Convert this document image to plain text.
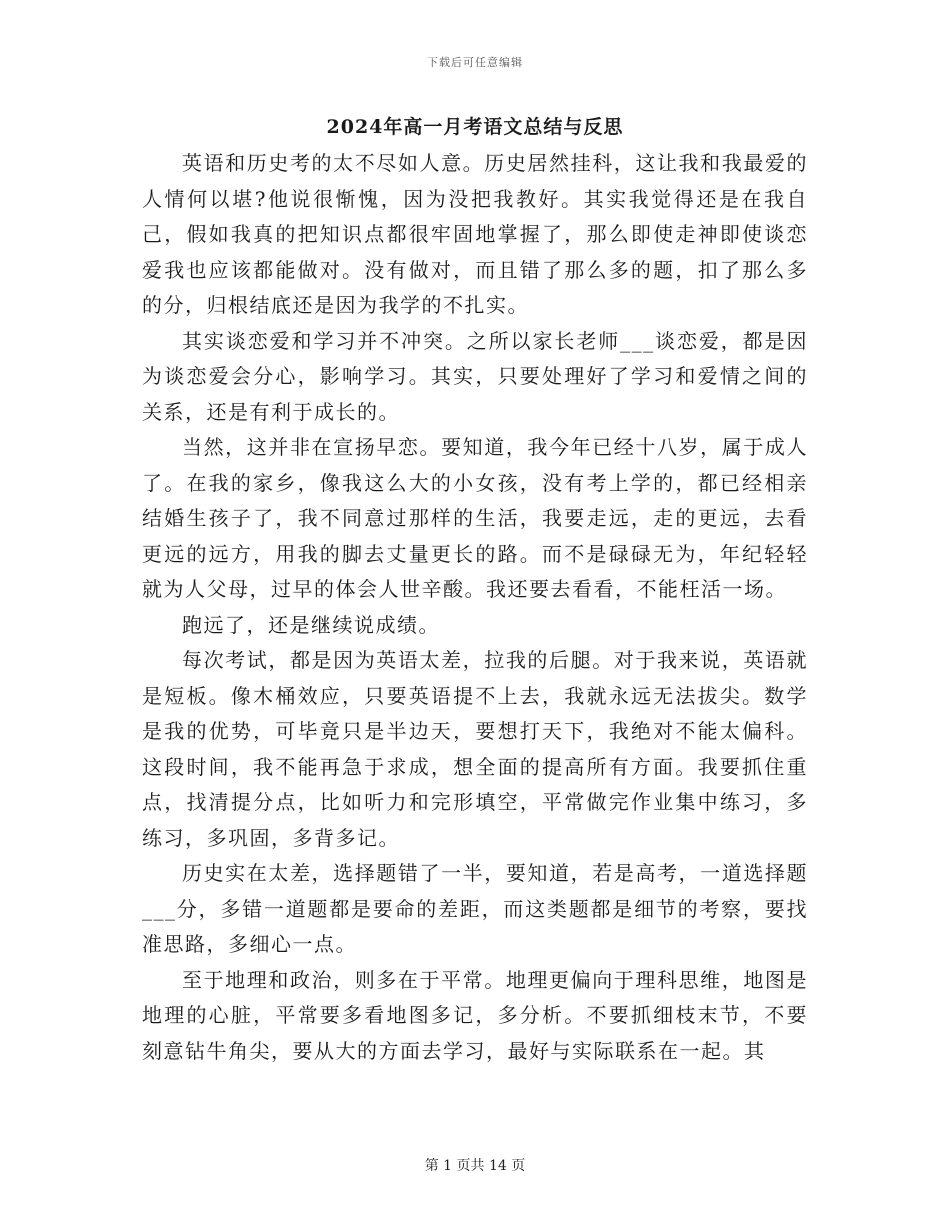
下载后可任意编辑
2024年高一月考语文总结与反思

英语和历史考的太不尽如人意。历史居然挂科，这让我和我最爱的人情何以堪?他说很惭愧，因为没把我教好。其实我觉得还是在我自己，假如我真的把知识点都很牢固地掌握了，那么即使走神即使谈恋爱我也应该都能做对。没有做对，而且错了那么多的题，扣了那么多的分，归根结底还是因为我学的不扎实。

其实谈恋爱和学习并不冲突。之所以家长老师___谈恋爱，都是因为谈恋爱会分心，影响学习。其实，只要处理好了学习和爱情之间的关系，还是有利于成长的。

当然，这并非在宣扬早恋。要知道，我今年已经十八岁，属于成人了。在我的家乡，像我这么大的小女孩，没有考上学的，都已经相亲结婚生孩子了，我不同意过那样的生活，我要走远，走的更远，去看更远的远方，用我的脚去丈量更长的路。而不是碌碌无为，年纪轻轻就为人父母，过早的体会人世辛酸。我还要去看看，不能枉活一场。

跑远了，还是继续说成绩。

每次考试，都是因为英语太差，拉我的后腿。对于我来说，英语就是短板。像木桶效应，只要英语提不上去，我就永远无法拔尖。数学是我的优势，可毕竟只是半边天，要想打天下，我绝对不能太偏科。这段时间，我不能再急于求成，想全面的提高所有方面。我要抓住重点，找清提分点，比如听力和完形填空，平常做完作业集中练习，多练习，多巩固，多背多记。

历史实在太差，选择题错了一半，要知道，若是高考，一道选择题___分，多错一道题都是要命的差距，而这类题都是细节的考察，要找准思路，多细心一点。

至于地理和政治，则多在于平常。地理更偏向于理科思维，地图是地理的心脏，平常要多看地图多记，多分析。不要抓细枝末节，不要刻意钻牛角尖，要从大的方面去学习，最好与实际联系在一起。其

第 1 页共 14 页
